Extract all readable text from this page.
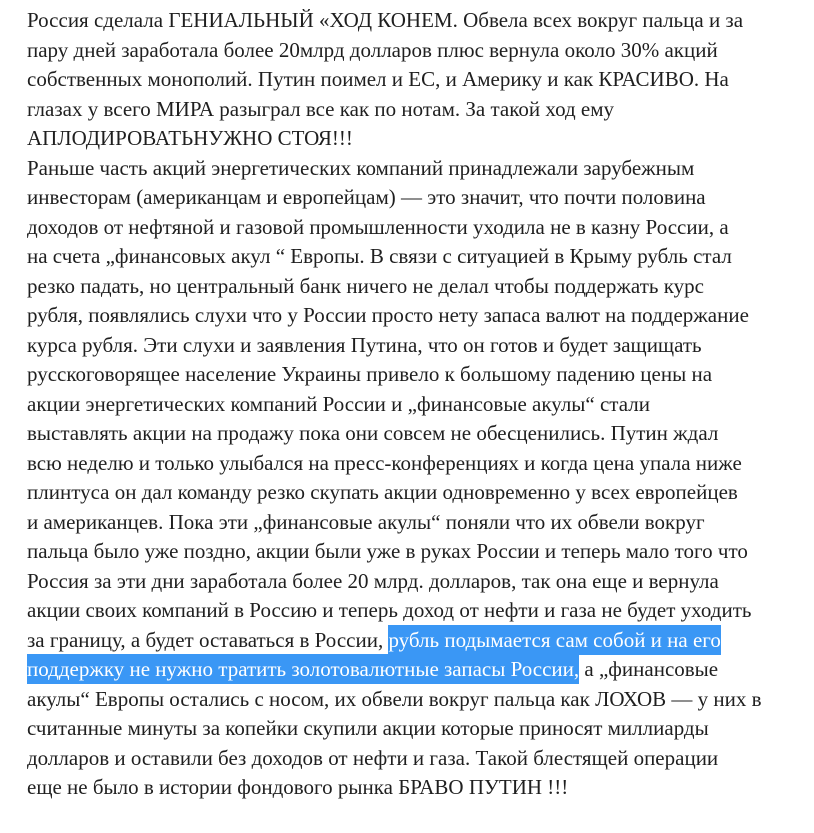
Россия сделала ГЕНИАЛЬНЫЙ «ХОД КОНЕМ. Обвела всех вокруг пальца и за
пару дней заработала более 20млрд долларов плюс вернула около 30% акций
собственных монополий. Путин поимел и ЕС, и Америку и как КРАСИВО. На
глазах у всего МИРА разыграл все как по нотам. За такой ход ему
АПЛОДИРОВАТЬНУЖНО СТОЯ!!!
Раньше часть акций энергетических компаний принадлежали зарубежным
инвесторам (американцам и европейцам) — это значит, что почти половина
доходов от нефтяной и газовой промышленности уходила не в казну России, а
на счета „финансовых акул “ Европы. В связи с ситуацией в Крыму рубль стал
резко падать, но центральный банк ничего не делал чтобы поддержать курс
рубля, появлялись слухи что у России просто нету запаса валют на поддержание
курса рубля. Эти слухи и заявления Путина, что он готов и будет защищать
русскоговорящее население Украины привело к большому падению цены на
акции энергетических компаний России и „финансовые акулы“ стали
выставлять акции на продажу пока они совсем не обесценились. Путин ждал
всю неделю и только улыбался на пресс-конференциях и когда цена упала ниже
плинтуса он дал команду резко скупать акции одновременно у всех европейцев
и американцев. Пока эти „финансовые акулы“ поняли что их обвели вокруг
пальца было уже поздно, акции были уже в руках России и теперь мало того что
Россия за эти дни заработала более 20 млрд. долларов, так она еще и вернула
акции своих компаний в Россию и теперь доход от нефти и газа не будет уходить
за границу, а будет оставаться в России, рубль подымается сам собой и на его
поддержку не нужно тратить золотовалютные запасы России, а „финансовые
акулы“ Европы остались с носом, их обвели вокруг пальца как ЛОХОВ — у них в
считанные минуты за копейки скупили акции которые приносят миллиарды
долларов и оставили без доходов от нефти и газа. Такой блестящей операции
еще не было в истории фондового рынка БРАВО ПУТИН !!!
